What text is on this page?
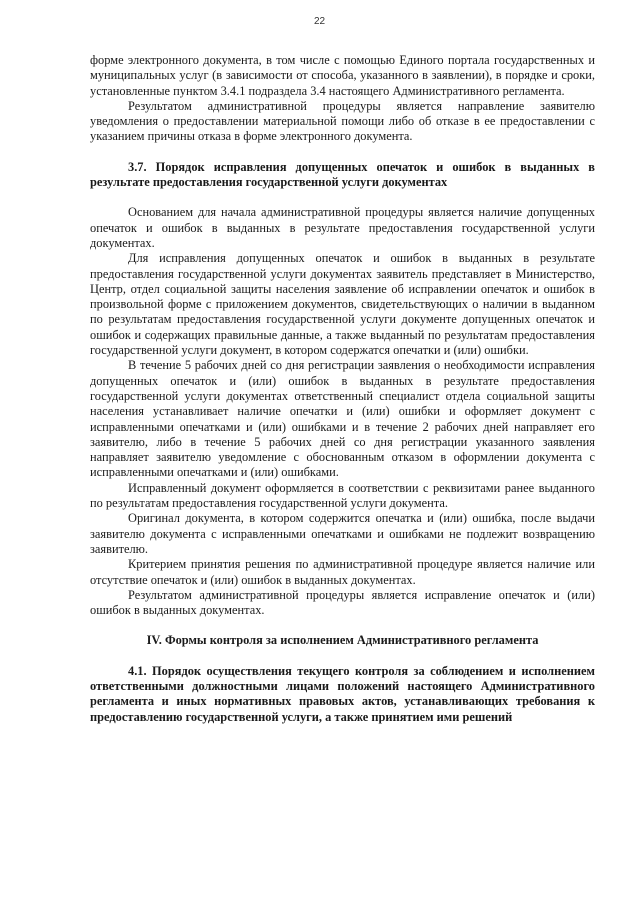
22

форме электронного документа, в том числе с помощью Единого портала государственных и муниципальных услуг (в зависимости от способа, указанного в заявлении), в порядке и сроки, установленные пунктом 3.4.1 подраздела 3.4 настоящего Административного регламента.

Результатом административной процедуры является направление заявителю уведомления о предоставлении материальной помощи либо об отказе в ее предоставлении с указанием причины отказа в форме электронного документа.

3.7. Порядок исправления допущенных опечаток и ошибок в выданных в результате предоставления государственной услуги документах

Основанием для начала административной процедуры является наличие допущенных опечаток и ошибок в выданных в результате предоставления государственной услуги документах.

Для исправления допущенных опечаток и ошибок в выданных в результате предоставления государственной услуги документах заявитель представляет в Министерство, Центр, отдел социальной защиты населения заявление об исправлении опечаток и ошибок в произвольной форме с приложением документов, свидетельствующих о наличии в выданном по результатам предоставления государственной услуги документе допущенных опечаток и ошибок и содержащих правильные данные, а также выданный по результатам предоставления государственной услуги документ, в котором содержатся опечатки и (или) ошибки.

В течение 5 рабочих дней со дня регистрации заявления о необходимости исправления допущенных опечаток и (или) ошибок в выданных в результате предоставления государственной услуги документах ответственный специалист отдела социальной защиты населения устанавливает наличие опечатки и (или) ошибки и оформляет документ с исправленными опечатками и (или) ошибками и в течение 2 рабочих дней направляет его заявителю, либо в течение 5 рабочих дней со дня регистрации указанного заявления направляет заявителю уведомление с обоснованным отказом в оформлении документа с исправленными опечатками и (или) ошибками.

Исправленный документ оформляется в соответствии с реквизитами ранее выданного по результатам предоставления государственной услуги документа.

Оригинал документа, в котором содержится опечатка и (или) ошибка, после выдачи заявителю документа с исправленными опечатками и ошибками не подлежит возвращению заявителю.

Критерием принятия решения по административной процедуре является наличие или отсутствие опечаток и (или) ошибок в выданных документах.

Результатом административной процедуры является исправление опечаток и (или) ошибок в выданных документах.

IV. Формы контроля за исполнением Административного регламента

4.1. Порядок осуществления текущего контроля за соблюдением и исполнением ответственными должностными лицами положений настоящего Административного регламента и иных нормативных правовых актов, устанавливающих требования к предоставлению государственной услуги, а также принятием ими решений
